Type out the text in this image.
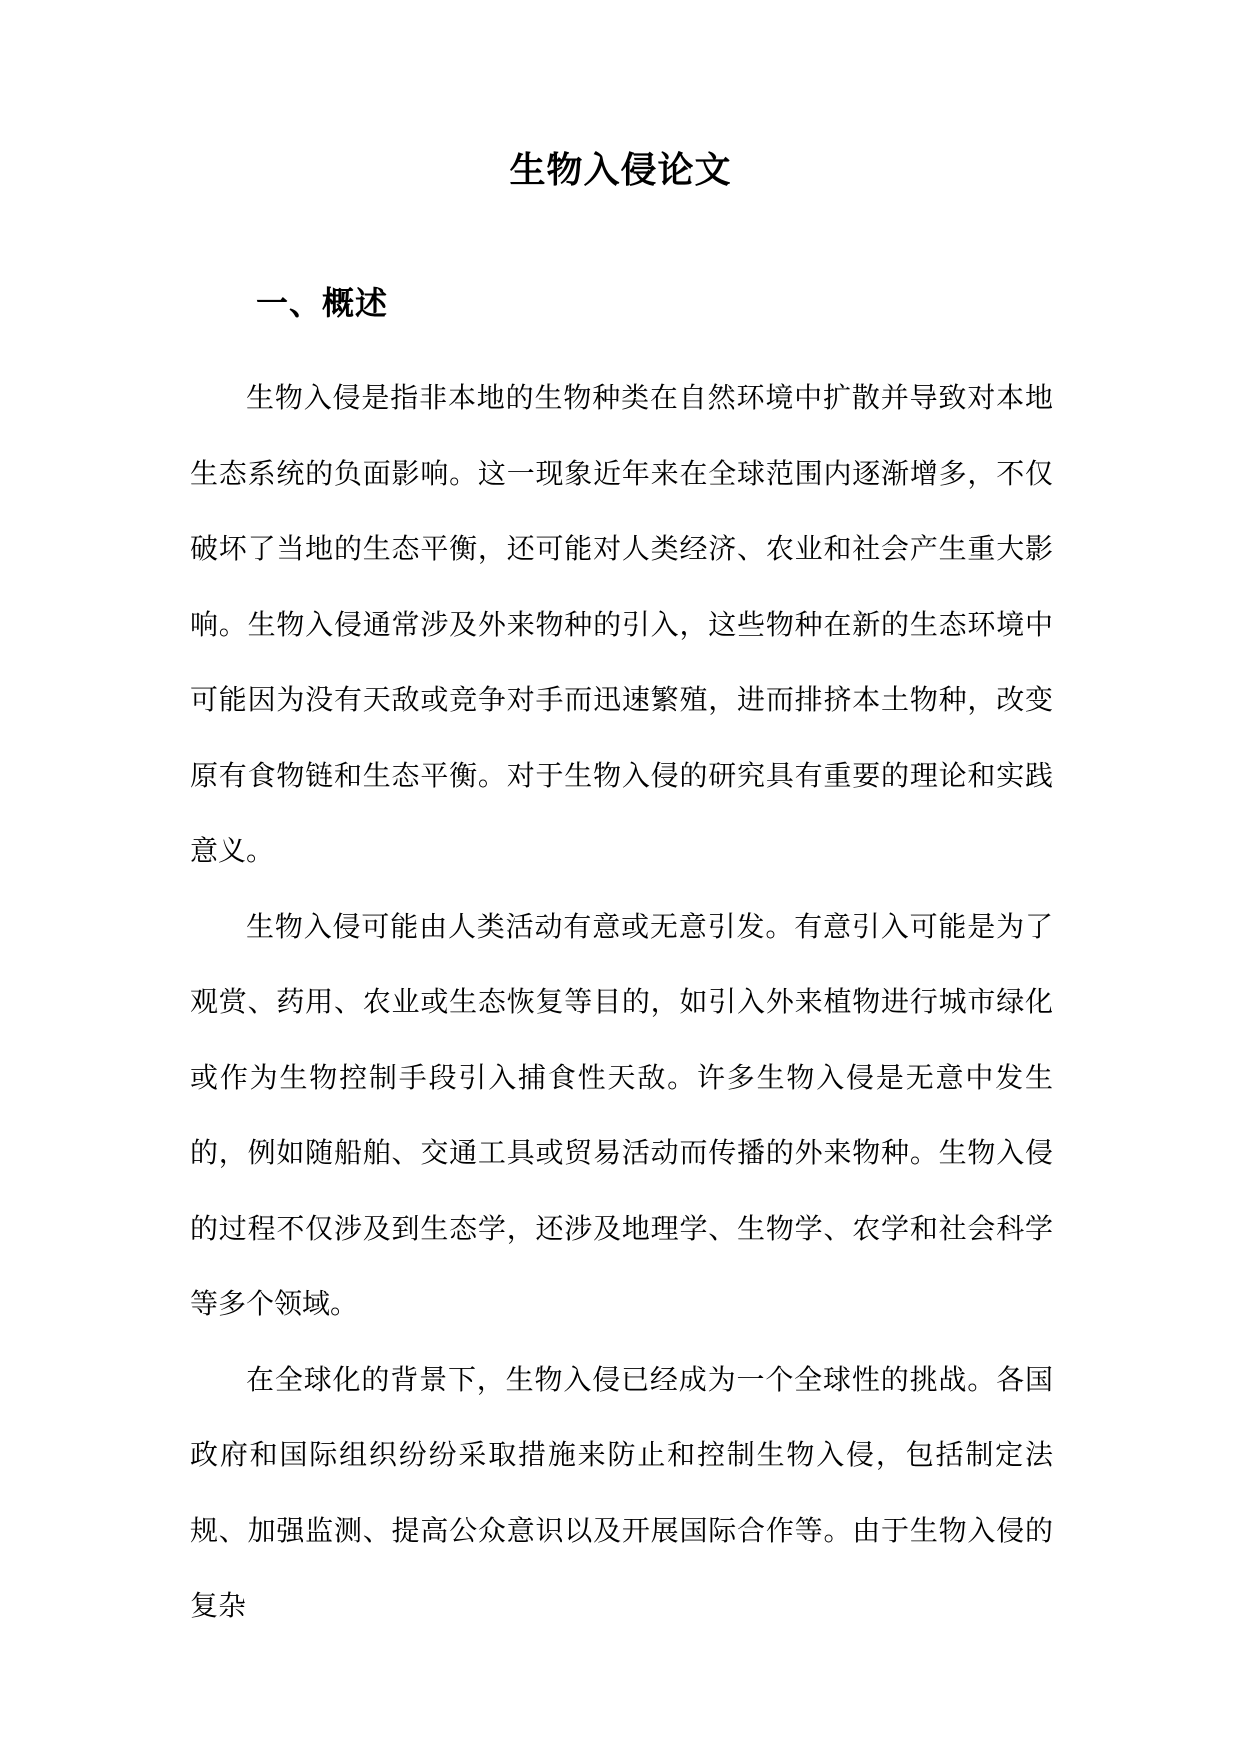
生物入侵论文
一、概述

生物入侵是指非本地的生物种类在自然环境中扩散并导致对本地生态系统的负面影响。这一现象近年来在全球范围内逐渐增多，不仅破坏了当地的生态平衡，还可能对人类经济、农业和社会产生重大影响。生物入侵通常涉及外来物种的引入，这些物种在新的生态环境中可能因为没有天敌或竞争对手而迅速繁殖，进而排挤本土物种，改变原有食物链和生态平衡。对于生物入侵的研究具有重要的理论和实践意义。

生物入侵可能由人类活动有意或无意引发。有意引入可能是为了观赏、药用、农业或生态恢复等目的，如引入外来植物进行城市绿化或作为生物控制手段引入捕食性天敌。许多生物入侵是无意中发生的，例如随船舶、交通工具或贸易活动而传播的外来物种。生物入侵的过程不仅涉及到生态学，还涉及地理学、生物学、农学和社会科学等多个领域。

在全球化的背景下，生物入侵已经成为一个全球性的挑战。各国政府和国际组织纷纷采取措施来防止和控制生物入侵，包括制定法规、加强监测、提高公众意识以及开展国际合作等。由于生物入侵的复杂
